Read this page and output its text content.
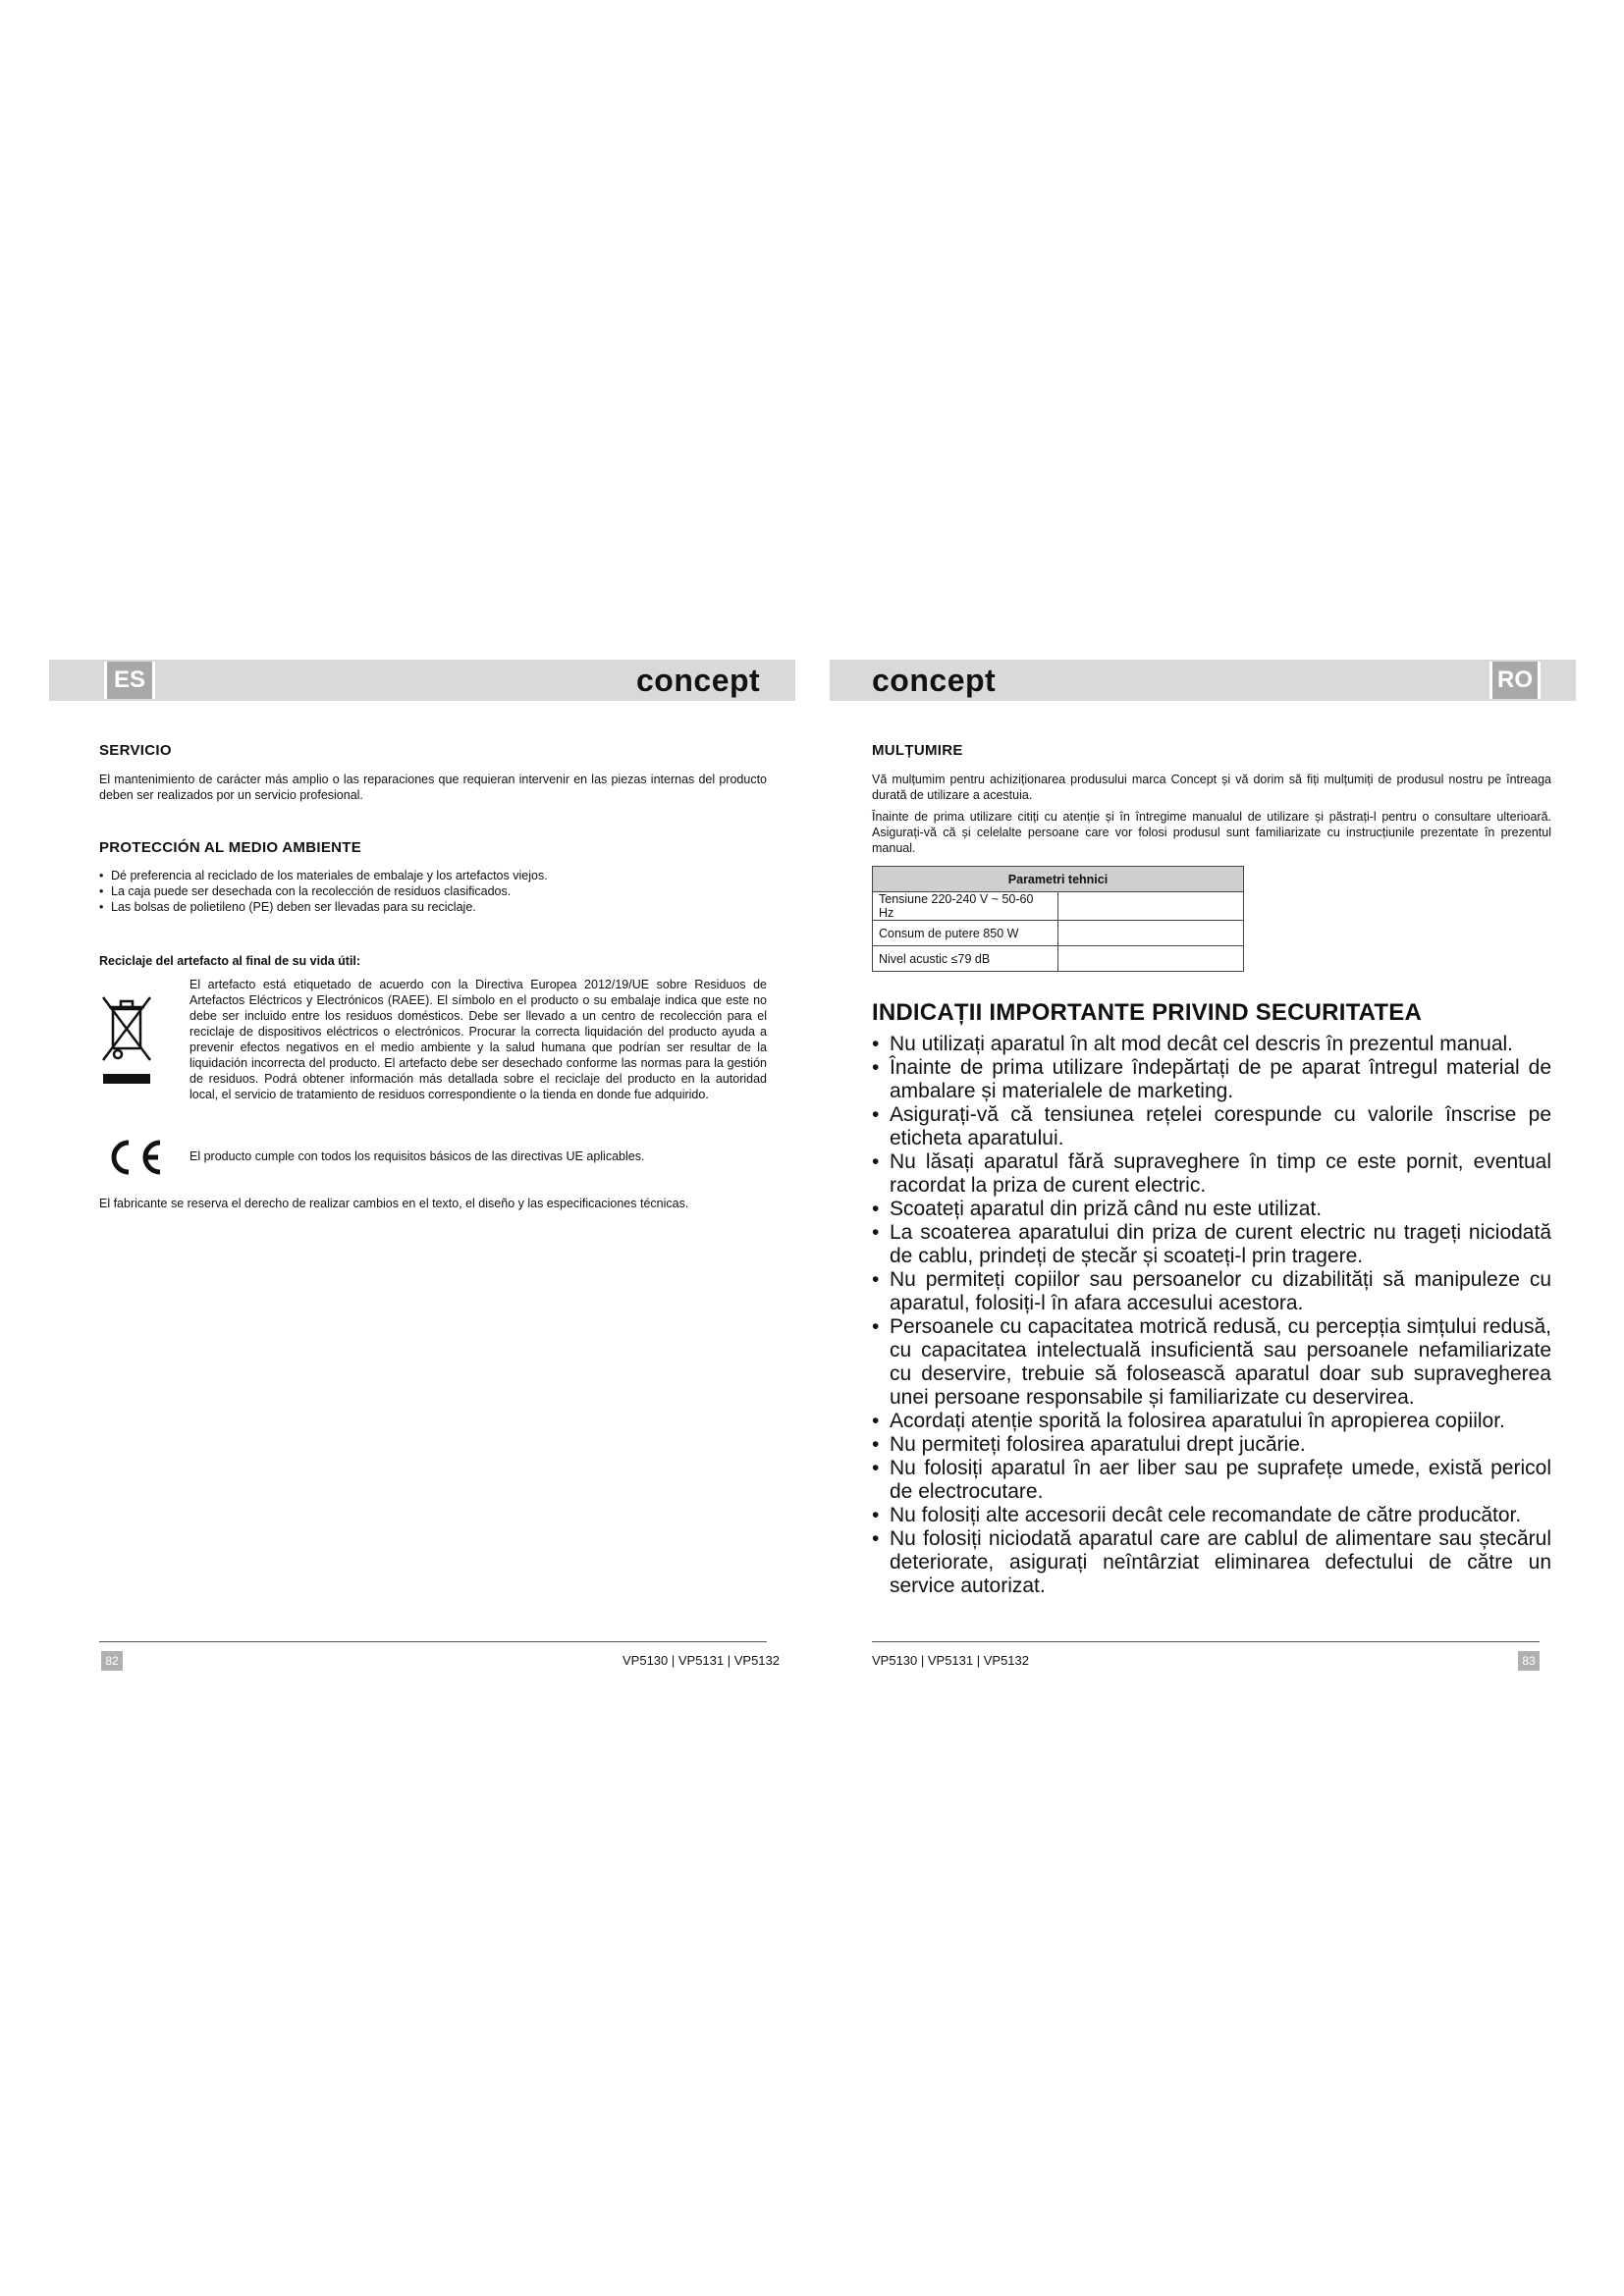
ES	RO
concept	concept
SERVICIO

El mantenimiento de carácter más amplio o las reparaciones que requieran intervenir en las piezas internas del producto deben ser realizados por un servicio profesional.

PROTECCIÓN AL MEDIO AMBIENTE
• Dé preferencia al reciclado de los materiales de embalaje y los artefactos viejos.
• La caja puede ser desechada con la recolección de residuos clasificados.
• Las bolsas de polietileno (PE) deben ser llevadas para su reciclaje.
Reciclaje del artefacto al final de su vida útil:
El artefacto está etiquetado de acuerdo con la Directiva Europea 2012/19/UE sobre Residuos de Artefactos Eléctricos y Electrónicos (RAEE). El símbolo en el producto o su embalaje indica que este no debe ser incluido entre los residuos domésticos. Debe ser llevado a un centro de recolección para el reciclaje de dispositivos eléctricos o electrónicos. Procurar la correcta liquidación del producto ayuda a prevenir efectos negativos en el medio ambiente y la salud humana que podrían ser resultar de la liquidación incorrecta del producto. El artefacto debe ser desechado conforme las normas para la gestión de residuos. Podrá obtener información más detallada sobre el reciclaje del producto en la autoridad local, el servicio de tratamiento de residuos correspondiente o la tienda en donde fue adquirido.
El producto cumple con todos los requisitos básicos de las directivas UE aplicables.
El fabricante se reserva el derecho de realizar cambios en el texto, el diseño y las especificaciones técnicas.
MULȚUMIRE

Vă mulțumim pentru achiziționarea produsului marca Concept și vă dorim să fiți mulțumiți de produsul nostru pe întreaga durată de utilizare a acestuia.

Înainte de prima utilizare citiți cu atenție și în întregime manualul de utilizare și păstrați-l pentru o consultare ulterioară. Asigurați-vă că și celelalte persoane care vor folosi produsul sunt familiarizate cu instrucțiunile prezentate în prezentul manual.

Parametri tehnici	
Tensiune 220-240 V ~ 50-60 Hz	
Consum de putere 850 W	
Nivel acustic ≤79 dB	
INDICAȚII IMPORTANTE PRIVIND SECURITATEA
• Nu utilizați aparatul în alt mod decât cel descris în prezentul manual.
• Înainte de prima utilizare îndepărtați de pe aparat întregul material de ambalare și materialele de marketing.
• Asigurați-vă că tensiunea rețelei corespunde cu valorile înscrise pe eticheta aparatului.
• Nu lăsați aparatul fără supraveghere în timp ce este pornit, eventual racordat la priza de curent electric.
• Scoateți aparatul din priză când nu este utilizat.
• La scoaterea aparatului din priza de curent electric nu trageți niciodată de cablu, prindeți de ștecăr și scoateți-l prin tragere.
• Nu permiteți copiilor sau persoanelor cu dizabilități să manipuleze cu aparatul, folosiți-l în afara accesului acestora.
• Persoanele cu capacitatea motrică redusă, cu percepția simțului redusă, cu capacitatea intelectuală insuficientă sau persoanele nefamiliarizate cu deservire, trebuie să folosească aparatul doar sub supravegherea unei persoane responsabile și familiarizate cu deservirea.
• Acordați atenție sporită la folosirea aparatului în apropierea copiilor.
• Nu permiteți folosirea aparatului drept jucărie.
• Nu folosiți aparatul în aer liber sau pe suprafețe umede, există pericol de electrocutare.
• Nu folosiți alte accesorii decât cele recomandate de către producător.
• Nu folosiți niciodată aparatul care are cablul de alimentare sau ștecărul deteriorate, asigurați neîntârziat eliminarea defectului de către un service autorizat.
82	83
VP5130 | VP5131 | VP5132	VP5130 | VP5131 | VP5132
